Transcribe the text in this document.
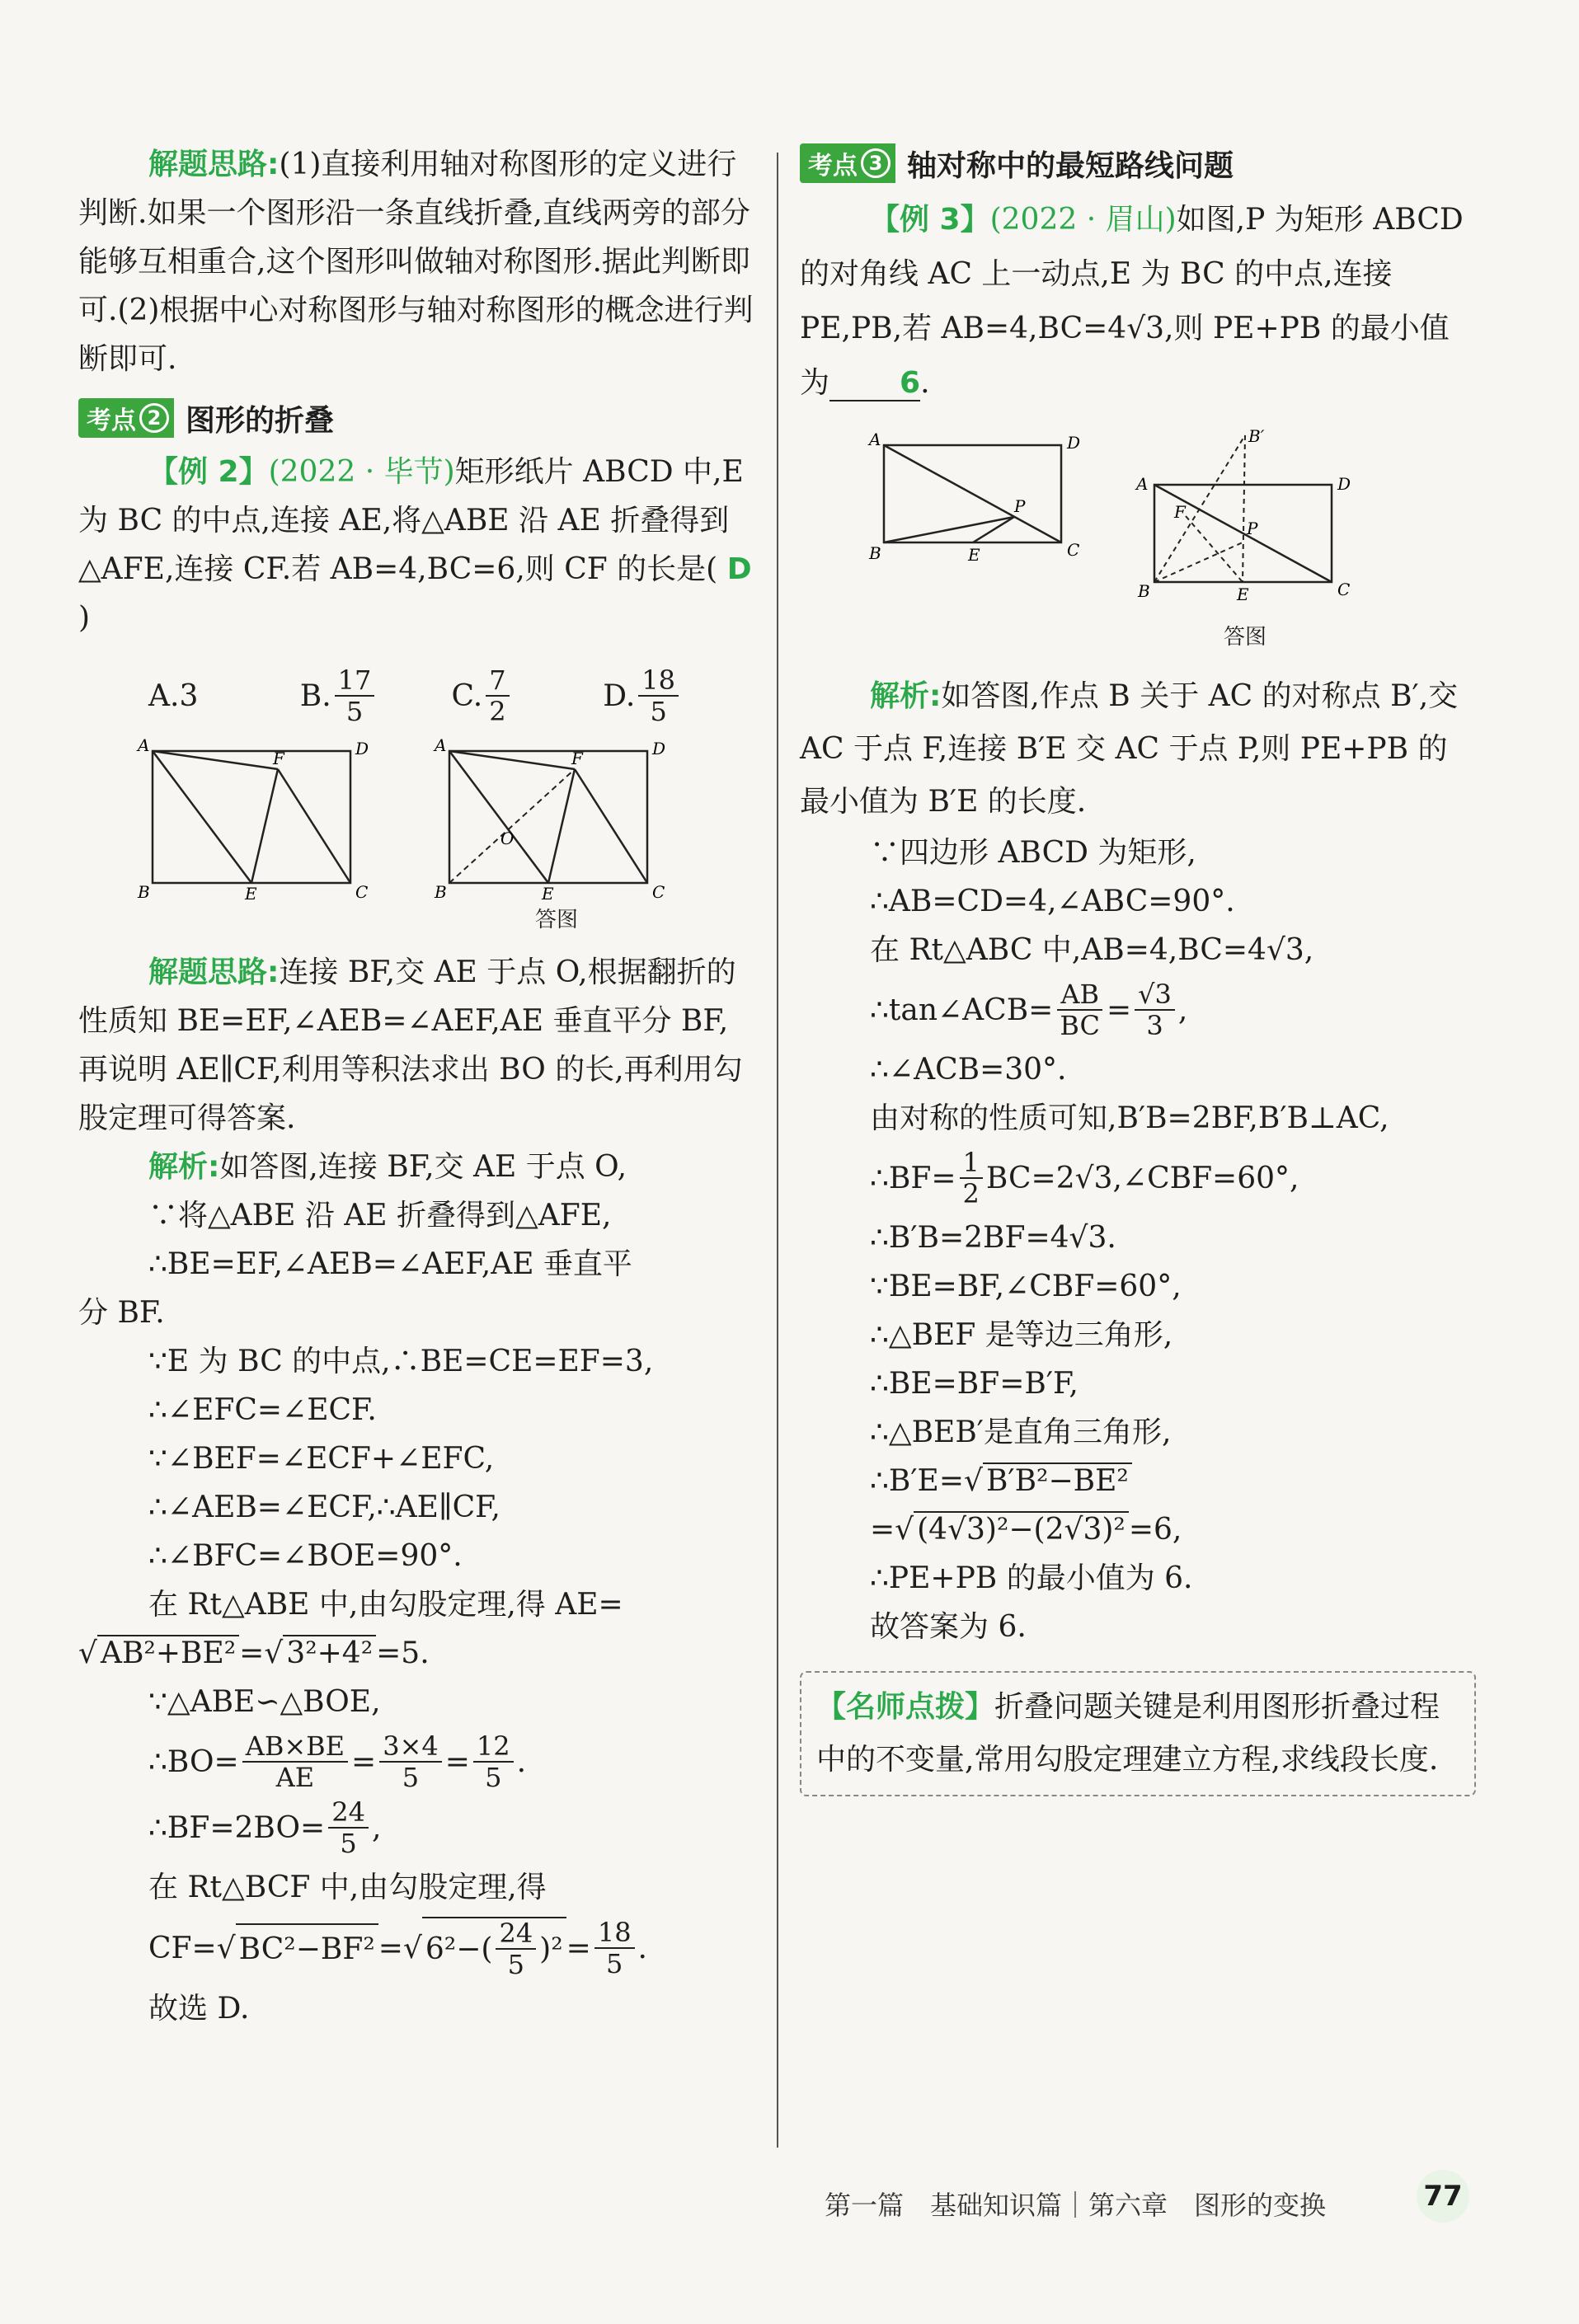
解题思路:(1)直接利用轴对称图形的定义进行判断.如果一个图形沿一条直线折叠,直线两旁的部分能够互相重合,这个图形叫做轴对称图形.据此判断即可.(2)根据中心对称图形与轴对称图形的概念进行判断即可.

考点 2 图形的折叠

【例 2】(2022 · 毕节)矩形纸片 ABCD 中,E 为 BC 的中点,连接 AE,将△ABE 沿 AE 折叠得到△AFE,连接 CF.若 AB=4,BC=6,则 CF 的长是( D )

A. 3	B. $\frac{17}{5}$	C. $\frac{7}{2}$	D. $\frac{18}{5}$
A	D
B	C
E
F
A	D
B	C
E
F
O
答图

解题思路:连接 BF,交 AE 于点 O,根据翻折的性质知 BE=EF,∠AEB=∠AEF,AE 垂直平分 BF,再说明 AE∥CF,利用等积法求出 BO 的长,再利用勾股定理可得答案.

解析:如答图,连接 BF,交 AE 于点 O,

∵将△ABE 沿 AE 折叠得到△AFE,

∴BE=EF,∠AEB=∠AEF,AE 垂直平

分 BF.

∵E 为 BC 的中点,∴BE=CE=EF=3,

∴∠EFC=∠ECF.

∵∠BEF=∠ECF+∠EFC,

∴∠AEB=∠ECF,∴AE∥CF,

∴∠BFC=∠BOE=90°.

在 Rt△ABE 中,由勾股定理,得 AE=

√ AB²+BE² =√ 3²+4² =5.

∵△ABE∽△BOE,

∴BO= $\frac{AB\times BE}{AE} = \frac{3\times 4}{5} = \frac{12}{5}$ .
∴BF=2BO= $\frac{24}{5}$ ,

在 Rt△BCF 中,由勾股定理,得

CF= √ BC²−BF² = √ 6²− ( $\frac{24}{5}$ ) $^2 = \frac{18}{5}$ .

故选 D.

考点 3 轴对称中的最短路线问题

【例 3】(2022 · 眉山)如图,P 为矩形 ABCD 的对角线 AC 上一动点,E 为 BC 的中点,连接 PE,PB,若 AB=4,BC=4√3,则 PE+PB 的最小值为 6.

A	D
B	C
E
P
A	D
B	C
E
F
P
B′
答图

解析:如答图,作点 B 关于 AC 的对称点 B′,交 AC 于点 F,连接 B′E 交 AC 于点 P,则 PE+PB 的最小值为 B′E 的长度.

∵四边形 ABCD 为矩形,

∴AB=CD=4,∠ABC=90°.

在 Rt△ABC 中,AB=4,BC=4√3,

∴tan∠ACB= $\frac{AB}{BC} = \frac{√3}{3}$ ,

∴∠ACB=30°.

由对称的性质可知,B′B=2BF,B′B⊥AC,

∴BF= $\frac{1}{2}$ BC=2√3,∠CBF=60°,

∴B′B=2BF=4√3.

∵BE=BF,∠CBF=60°,

∴△BEF 是等边三角形,

∴BE=BF=B′F,

∴△BEB′是直角三角形,

∴B′E=√ B′B²−BE²

=√ (4√3)²−(2√3)² =6,

∴PE+PB 的最小值为 6.

故答案为 6.

【名师点拨】折叠问题关键是利用图形折叠过程中的不变量,常用勾股定理建立方程,求线段长度.

第一篇　基础知识篇｜第六章　图形的变换	77
